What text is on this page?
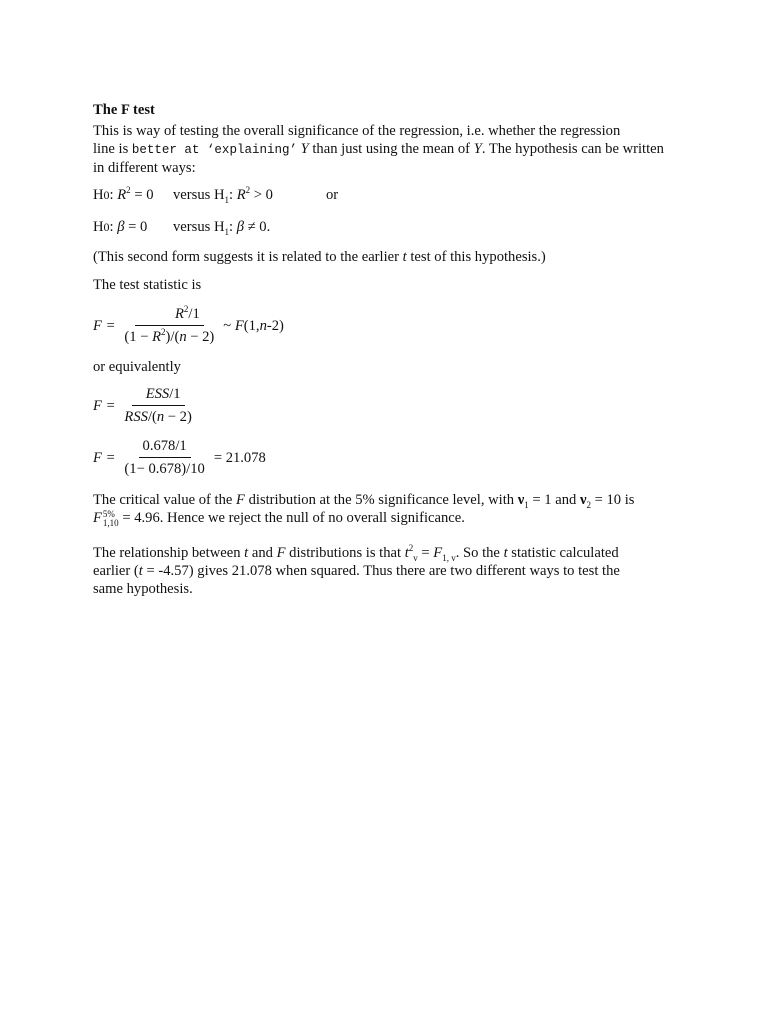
The F test

This is way of testing the overall significance of the regression, i.e. whether the regression
line is better at ‘explaining’ Y than just using the mean of Y. The hypothesis can be written
in different ways:

H0: $R^2 = 0$ versus $H_1$: $R^2 > 0$	or

H0: β = 0 versus $H_1$: β ≠ 0.

(This second form suggests it is related to the earlier t test of this hypothesis.)

The test statistic is

$F = \frac{R^2/1}{(1 - R^2)/(n - 2)}$ ~ F(1,n-2)

or equivalently

$F = \frac{\text{ESS/1}}{\text{RSS/(n − 2)}}$
$F = \frac{0.678/1}{(1- 0.678)/10} = 21.078$

The critical value of the F distribution at the 5% significance level, with $\nu_1 = 1$ and $\nu_2 = 10$ is
F 5%
1,10 = 4.96. Hence we reject the null of no overall significance.

The relationship between t and F distributions is that $t^2_v = F_{1, v}$. So the t statistic calculated
earlier (t = -4.57) gives 21.078 when squared. Thus there are two different ways to test the
same hypothesis.
